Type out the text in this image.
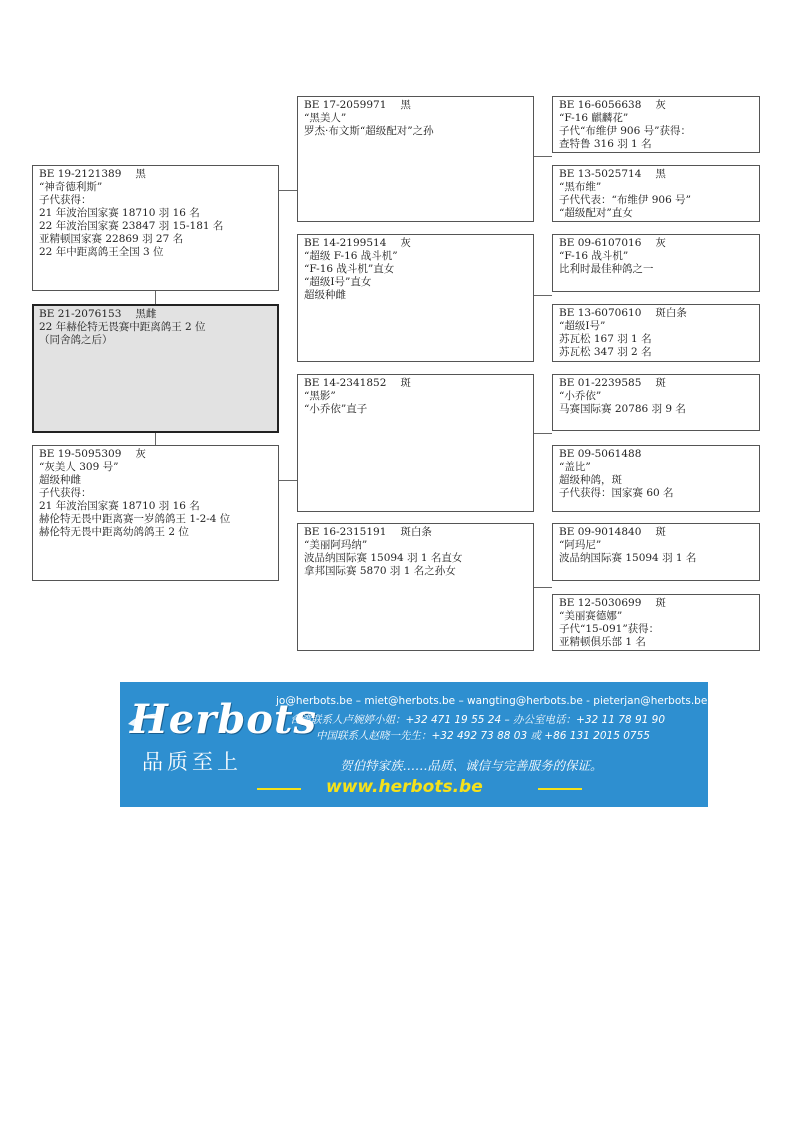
BE 19-2121389 黑
“神奇德利斯”
子代获得：
21 年波治国家赛 18710 羽 16 名
22 年波治国家赛 23847 羽 15-181 名
亚精顿国家赛 22869 羽 27 名
22 年中距离鸽王全国 3 位
BE 21-2076153 黑雌
22 年赫伦特无畏赛中距离鸽王 2 位
（同舍鸽之后）
BE 19-5095309 灰
“灰美人 309 号”
超级种雌
子代获得：
21 年波治国家赛 18710 羽 16 名
赫伦特无畏中距离赛一岁鸽鸽王 1-2-4 位
赫伦特无畏中距离幼鸽鸽王 2 位
BE 17-2059971 黑
“黑美人”
罗杰·布文斯“超级配对”之孙
BE 14-2199514 灰
“超级 F-16 战斗机”
“F-16 战斗机”直女
“超级Ⅰ号”直女
超级种雌
BE 14-2341852 斑
“黑影”
“小乔依”直子
BE 16-2315191 斑白条
“美丽阿玛纳”
波品纳国际赛 15094 羽 1 名直女
拿邦国际赛 5870 羽 1 名之孙女
BE 16-6056638 灰
“F-16 麒麟花”
子代“布维伊 906 号”获得：
查特鲁 316 羽 1 名
BE 13-5025714 黑
“黑布维”
子代代表：“布维伊 906 号”
“超级配对”直女
BE 09-6107016 灰
“F-16 战斗机”
比利时最佳种鸽之一
BE 13-6070610 斑白条
“超级Ⅰ号”
苏瓦松 167 羽 1 名
苏瓦松 347 羽 2 名
BE 01-2239585 斑
“小乔依”
马赛国际赛 20786 羽 9 名
BE 09-5061488
“盖比”
超级种鸽，斑
子代获得：国家赛 60 名
BE 09-9014840 斑
“阿玛尼”
波品纳国际赛 15094 羽 1 名
BE 12-5030699 斑
“美丽赛德娜”
子代“15-091”获得：
亚精顿俱乐部 1 名
Herbots
品质至上
jo@herbots.be – miet@herbots.be – wangting@herbots.be - pieterjan@herbots.be
台湾联系人卢婉婷小姐：+32 471 19 55 24 – 办公室电话：+32 11 78 91 90
中国联系人赵晓一先生：+32 492 73 88 03 或 +86 131 2015 0755
贺伯特家族……品质、诚信与完善服务的保证。
www.herbots.be
